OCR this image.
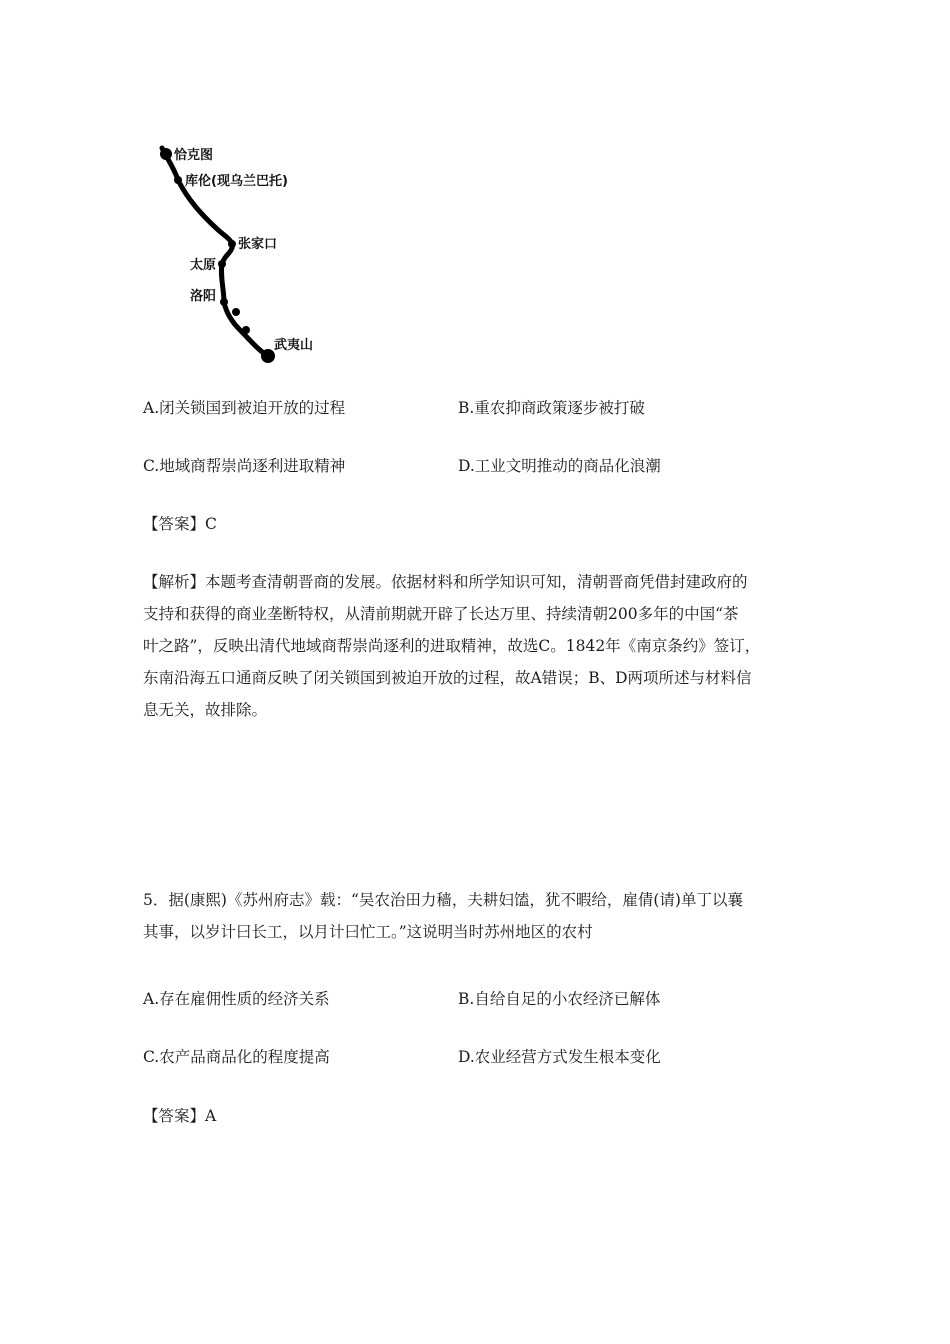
恰克图
库伦(现乌兰巴托)
张家口
太原
洛阳
武夷山
A.闭关锁国到被迫开放的过程	B.重农抑商政策逐步被打破
C.地域商帮崇尚逐利进取精神	D.工业文明推动的商品化浪潮
【答案】C
【解析】本题考查清朝晋商的发展。依据材料和所学知识可知，清朝晋商凭借封建政府的
支持和获得的商业垄断特权，从清前期就开辟了长达万里、持续清朝200多年的中国“茶
叶之路”，反映出清代地域商帮崇尚逐利的进取精神，故选C。1842年《南京条约》签订，
东南沿海五口通商反映了闭关锁国到被迫开放的过程，故A错误；B、D两项所述与材料信
息无关，故排除。
5．据(康熙)《苏州府志》载：“吴农治田力穑，夫耕妇馌，犹不暇给，雇倩(请)单丁以襄
其事，以岁计曰长工，以月计曰忙工。”这说明当时苏州地区的农村
A.存在雇佣性质的经济关系	B.自给自足的小农经济已解体
C.农产品商品化的程度提高	D.农业经营方式发生根本变化
【答案】A
